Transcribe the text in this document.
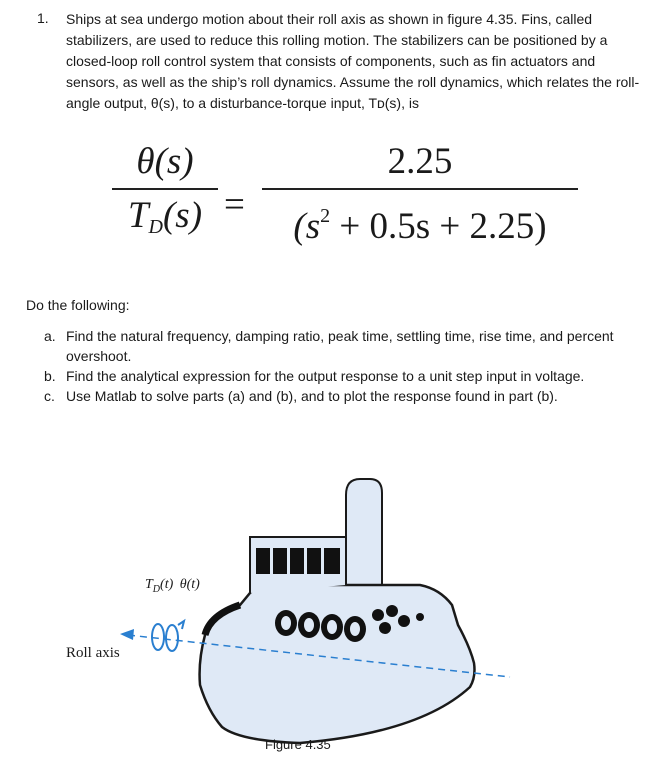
1. Ships at sea undergo motion about their roll axis as shown in figure 4.35. Fins, called stabilizers, are used to reduce this rolling motion. The stabilizers can be positioned by a closed-loop roll control system that consists of components, such as fin actuators and sensors, as well as the ship’s roll dynamics. Assume the roll dynamics, which relates the roll-angle output, θ(s), to a disturbance-torque input, Tᴅ(s), is
θ(s)
$T_D(s)$ =
2.25
$(s^2 + 0.5s + 2.25)$
Do the following:
a. Find the natural frequency, damping ratio, peak time, settling time, rise time, and percent overshoot.
b. Find the analytical expression for the output response to a unit step input in voltage.
c. Use Matlab to solve parts (a) and (b), and to plot the response found in part (b).
$T_D(t)$ θ(t)
Roll axis
Figure 4.35
